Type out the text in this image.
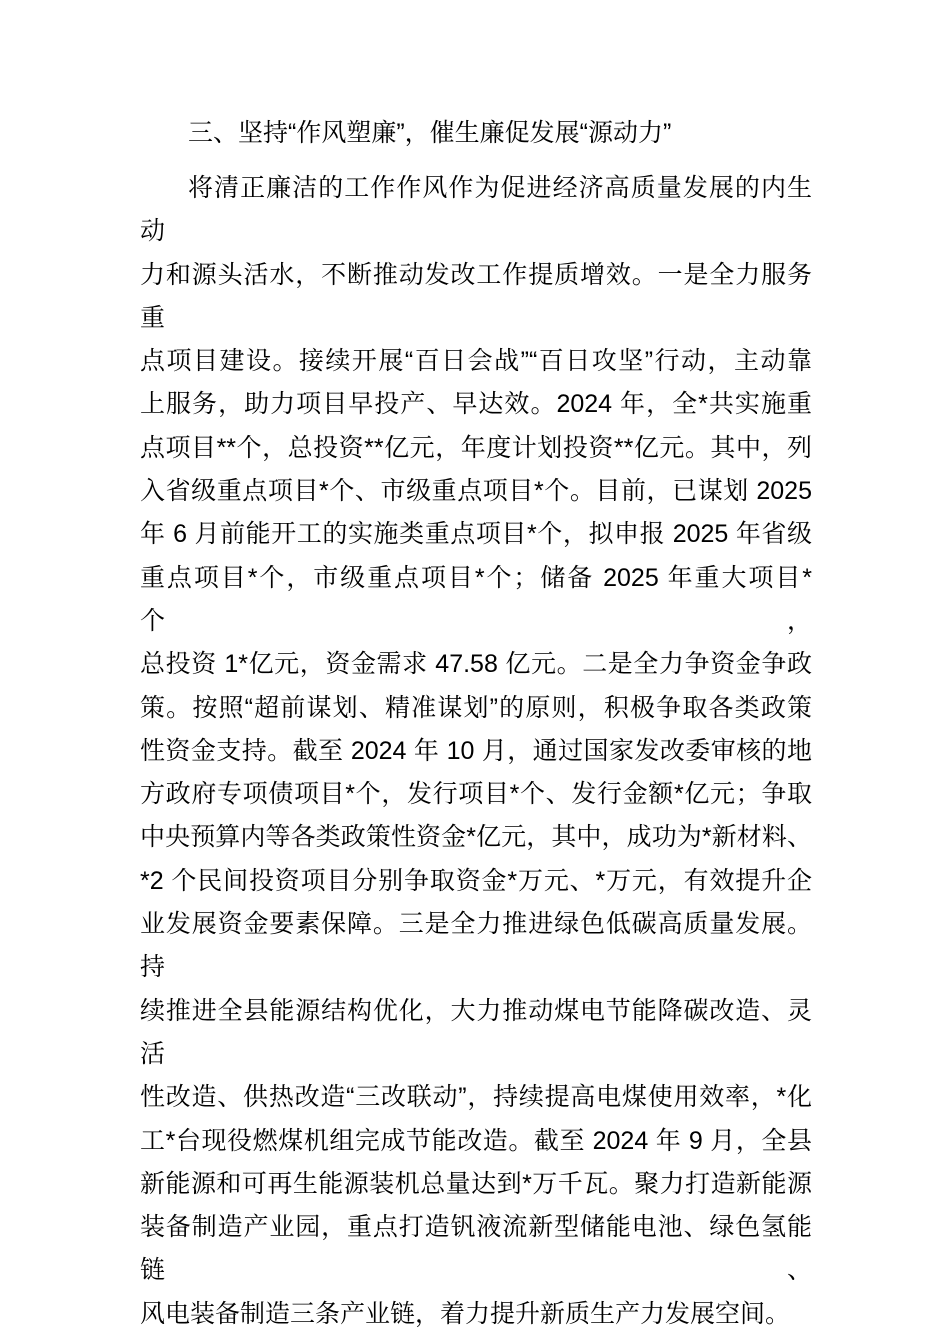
三、坚持“作风塑廉”，催生廉促发展“源动力”
将清正廉洁的工作作风作为促进经济高质量发展的内生动
力和源头活水，不断推动发改工作提质增效。一是全力服务重
点项目建设。接续开展“百日会战”“百日攻坚”行动，主动靠
上服务，助力项目早投产、早达效。2024 年，全*共实施重
点项目**个，总投资**亿元，年度计划投资**亿元。其中，列
入省级重点项目*个、市级重点项目*个。目前，已谋划 2025
年 6 月前能开工的实施类重点项目*个，拟申报 2025 年省级
重点项目*个，市级重点项目*个；储备 2025 年重大项目*个，
总投资 1*亿元，资金需求 47.58 亿元。二是全力争资金争政
策。按照“超前谋划、精准谋划”的原则，积极争取各类政策
性资金支持。截至 2024 年 10 月，通过国家发改委审核的地
方政府专项债项目*个，发行项目*个、发行金额*亿元；争取
中央预算内等各类政策性资金*亿元，其中，成功为*新材料、
*2 个民间投资项目分别争取资金*万元、*万元，有效提升企
业发展资金要素保障。三是全力推进绿色低碳高质量发展。持
续推进全县能源结构优化，大力推动煤电节能降碳改造、灵活
性改造、供热改造“三改联动”，持续提高电煤使用效率，*化
工*台现役燃煤机组完成节能改造。截至 2024 年 9 月，全县
新能源和可再生能源装机总量达到*万千瓦。聚力打造新能源
装备制造产业园，重点打造钒液流新型储能电池、绿色氢能链、
风电装备制造三条产业链，着力提升新质生产力发展空间。
